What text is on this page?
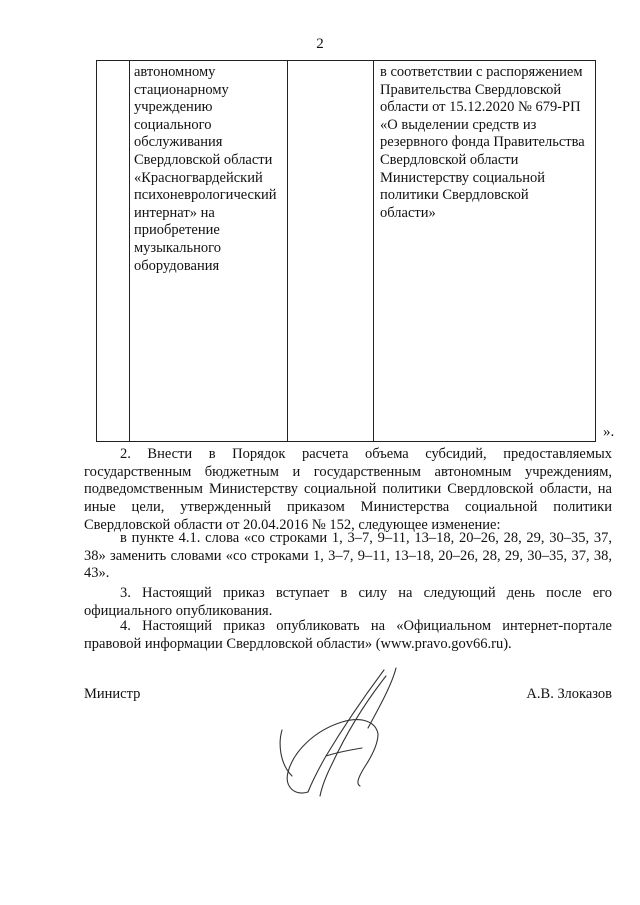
2
автономному
стационарному
учреждению
социального
обслуживания
Свердловской области
«Красногвардейский
психоневрологический
интернат» на
приобретение
музыкального
оборудования
в соответствии с распоряжением
Правительства Свердловской
области от 15.12.2020 № 679-РП
«О выделении средств из
резервного фонда Правительства
Свердловской области
Министерству социальной
политики Свердловской
области»
».

2. Внести в Порядок расчета объема субсидий, предоставляемых государственным бюджетным и государственным автономным учреждениям, подведомственным Министерству социальной политики Свердловской области, на иные цели, утвержденный приказом Министерства социальной политики Свердловской области от 20.04.2016 № 152, следующее изменение:

в пункте 4.1. слова «со строками 1, 3–7, 9–11, 13–18, 20–26, 28, 29, 30–35, 37, 38» заменить словами «со строками 1, 3–7, 9–11, 13–18, 20–26, 28, 29, 30–35, 37, 38, 43».

3. Настоящий приказ вступает в силу на следующий день после его официального опубликования.

4. Настоящий приказ опубликовать на «Официальном интернет-портале правовой информации Свердловской области» (www.pravo.gov66.ru).

Министр	А.В. Злоказов
